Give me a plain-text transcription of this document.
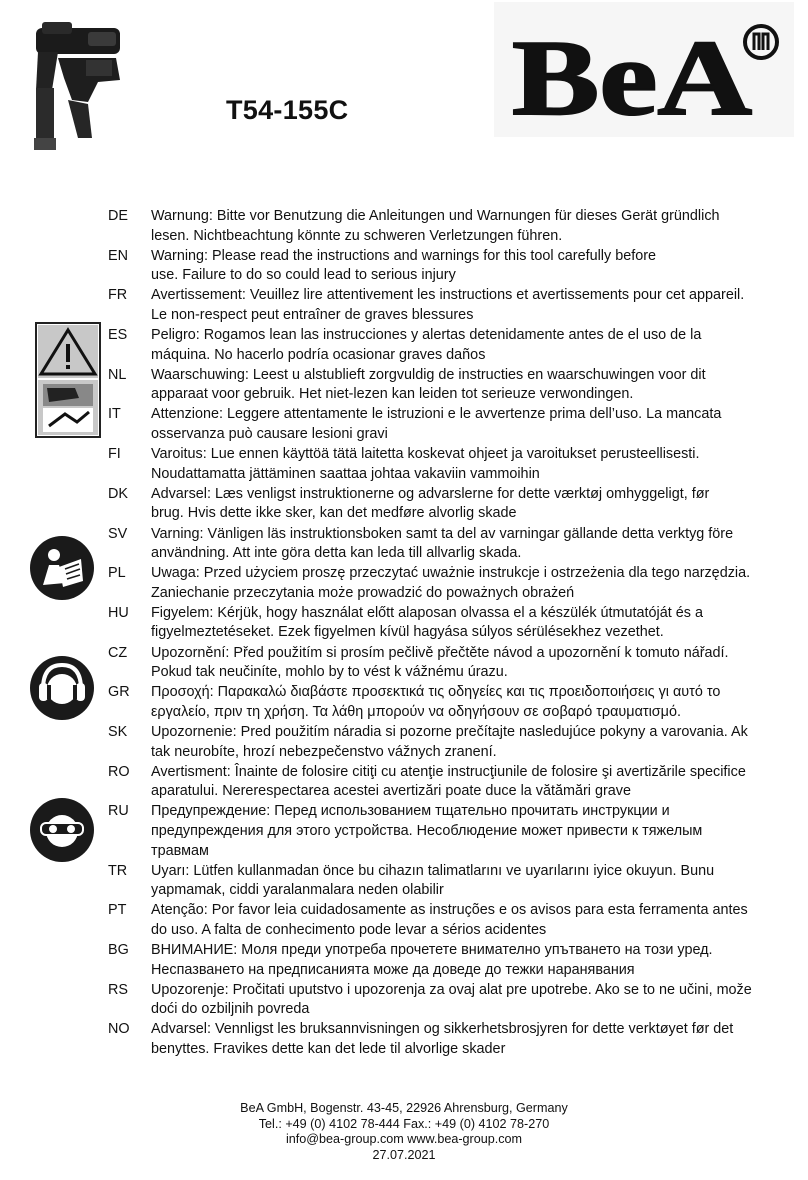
T54-155C BeA
DE	Warnung: Bitte vor Benutzung die Anleitungen und Warnungen für dieses Gerät gründlich
lesen. Nichtbeachtung könnte zu schweren Verletzungen führen.
EN	Warning: Please read the instructions and warnings for this tool carefully before
use. Failure to do so could lead to serious injury
FR	Avertissement: Veuillez lire attentivement les instructions et avertissements pour cet appareil.
Le non-respect peut entraîner de graves blessures
ES	Peligro: Rogamos lean las instrucciones y alertas detenidamente antes de el uso de la
máquina. No hacerlo podría ocasionar graves daños
NL	Waarschuwing: Leest u alstublieft zorgvuldig de instructies en waarschuwingen voor dit
apparaat voor gebruik. Het niet-lezen kan leiden tot serieuze verwondingen.
IT	Attenzione: Leggere attentamente le istruzioni e le avvertenze prima dell’uso. La mancata
osservanza può causare lesioni gravi
FI	Varoitus: Lue ennen käyttöä tätä laitetta koskevat ohjeet ja varoitukset perusteellisesti.
Noudattamatta jättäminen saattaa johtaa vakaviin vammoihin
DK	Advarsel: Læs venligst instruktionerne og advarslerne for dette værktøj omhyggeligt, før
brug. Hvis dette ikke sker, kan det medføre alvorlig skade
SV	Varning: Vänligen läs instruktionsboken samt ta del av varningar gällande detta verktyg före
användning. Att inte göra detta kan leda till allvarlig skada.
PL	Uwaga: Przed użyciem proszę przeczytać uważnie instrukcje i ostrzeżenia dla tego narzędzia.
Zaniechanie przeczytania może prowadzić do poważnych obrażeń
HU	Figyelem: Kérjük, hogy használat előtt alaposan olvassa el a készülék útmutatóját és a
figyelmeztetéseket. Ezek figyelmen kívül hagyása súlyos sérülésekhez vezethet.
CZ	Upozornění: Před použitím si prosím pečlivě přečtěte návod a upozornění k tomuto nářadí.
Pokud tak neučiníte, mohlo by to vést k vážnému úrazu.
GR	Προσοχή: Παρακαλώ διαβάστε προσεκτικά τις οδηγείες και τις προειδοποιήσεις γι αυτό το
εργαλείο, πριν τη χρήση. Τα λάθη μπορούν να οδηγήσουν σε σοβαρό τραυματισμό.
SK	Upozornenie: Pred použitím náradia si pozorne prečítajte nasledujúce pokyny a varovania. Ak
tak neurobíte, hrozí nebezpečenstvo vážnych zranení.
RO	Avertisment: Înainte de folosire citiţi cu atenţie instrucţiunile de folosire şi avertizările specifice
aparatului. Nererespectarea acestei avertizări poate duce la vătămări grave
RU	Предупреждение: Перед использованием тщательно прочитать инструкции и
предупреждения для этого устройства. Несоблюдение может привести к тяжелым
травмам
TR	Uyarı: Lütfen kullanmadan önce bu cihazın talimatlarını ve uyarılarını iyice okuyun. Bunu
yapmamak, ciddi yaralanmalara neden olabilir
PT	Atenção: Por favor leia cuidadosamente as instruções e os avisos para esta ferramenta antes
do uso. A falta de conhecimento pode levar a sérios acidentes
BG	ВНИМАНИЕ: Моля преди употреба прочетете внимателно упътването на този уред.
Неспазването на предписанията може да доведе до тежки наранявания
RS	Upozorenje: Pročitati uputstvo i upozorenja za ovaj alat pre upotrebe. Ako se to ne učini, može
doći do ozbiljnih povreda
NO	Advarsel: Vennligst les bruksannvisningen og sikkerhetsbrosjyren for dette verktøyet før det
benyttes. Fravikes dette kan det lede til alvorlige skader
BeA GmbH, Bogenstr. 43-45, 22926 Ahrensburg, Germany
Tel.: +49 (0) 4102 78-444 Fax.: +49 (0) 4102 78-270
info@bea-group.com www.bea-group.com
27.07.2021
